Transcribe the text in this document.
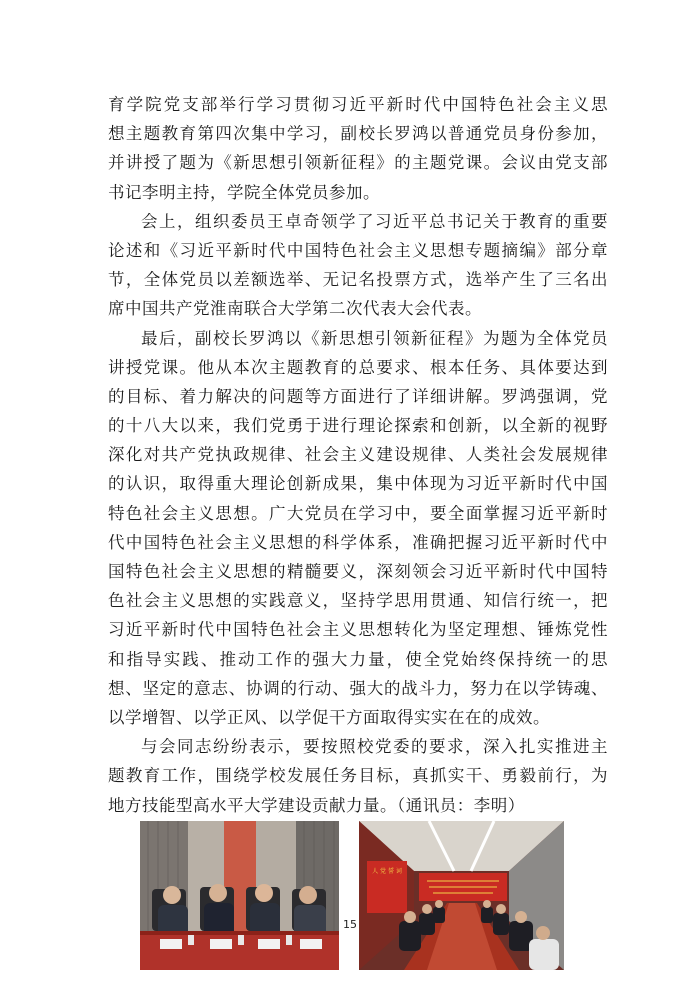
育学院党支部举行学习贯彻习近平新时代中国特色社会主义思
想主题教育第四次集中学习，副校长罗鸿以普通党员身份参加，
并讲授了题为《新思想引领新征程》的主题党课。会议由党支部
书记李明主持，学院全体党员参加。
会上，组织委员王卓奇领学了习近平总书记关于教育的重要
论述和《习近平新时代中国特色社会主义思想专题摘编》部分章
节，全体党员以差额选举、无记名投票方式，选举产生了三名出
席中国共产党淮南联合大学第二次代表大会代表。
最后，副校长罗鸿以《新思想引领新征程》为题为全体党员
讲授党课。他从本次主题教育的总要求、根本任务、具体要达到
的目标、着力解决的问题等方面进行了详细讲解。罗鸿强调，党
的十八大以来，我们党勇于进行理论探索和创新，以全新的视野
深化对共产党执政规律、社会主义建设规律、人类社会发展规律
的认识，取得重大理论创新成果，集中体现为习近平新时代中国
特色社会主义思想。广大党员在学习中，要全面掌握习近平新时
代中国特色社会主义思想的科学体系，准确把握习近平新时代中
国特色社会主义思想的精髓要义，深刻领会习近平新时代中国特
色社会主义思想的实践意义，坚持学思用贯通、知信行统一，把
习近平新时代中国特色社会主义思想转化为坚定理想、锤炼党性
和指导实践、推动工作的强大力量，使全党始终保持统一的思
想、坚定的意志、协调的行动、强大的战斗力，努力在以学铸魂、
以学增智、以学正风、以学促干方面取得实实在在的成效。
与会同志纷纷表示，要按照校党委的要求，深入扎实推进主
题教育工作，围绕学校发展任务目标，真抓实干、勇毅前行，为
地方技能型高水平大学建设贡献力量。（通讯员：李明）
人 党 誓 词
15
